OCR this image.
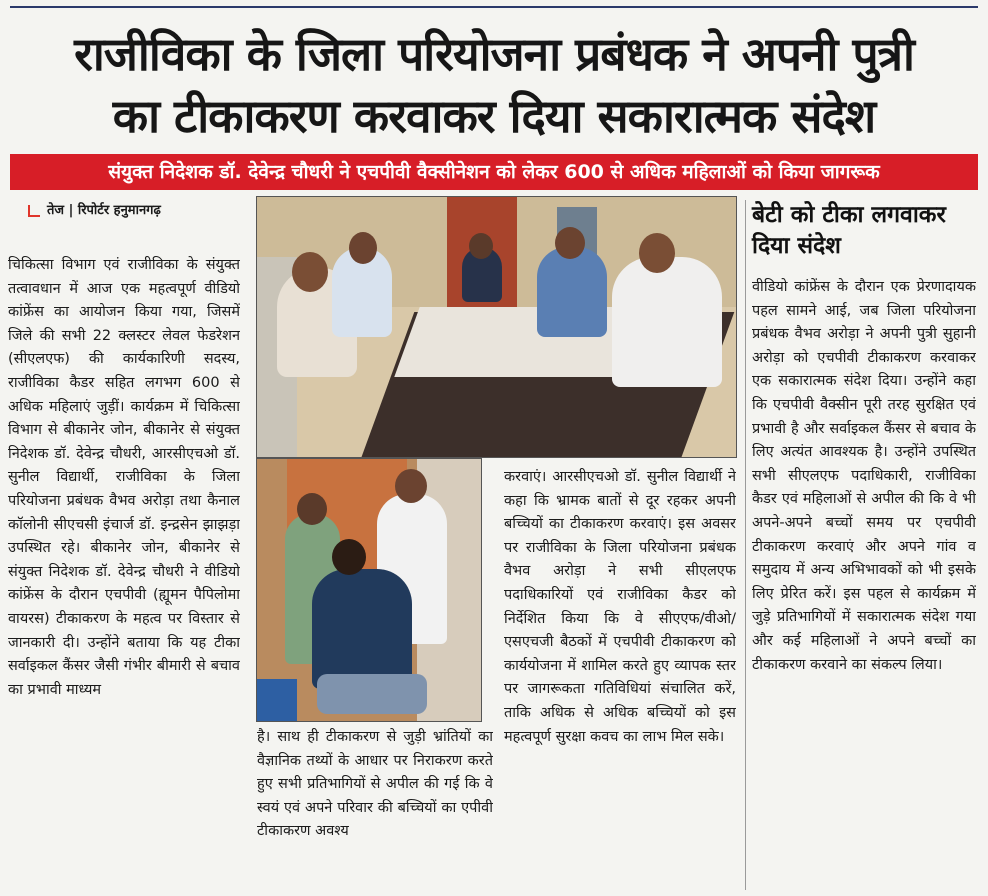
राजीविका के जिला परियोजना प्रबंधक ने अपनी पुत्री
का टीकाकरण करवाकर दिया सकारात्मक संदेश
संयुक्त निदेशक डॉ. देवेन्द्र चौधरी ने एचपीवी वैक्सीनेशन को लेकर 600 से अधिक महिलाओं को किया जागरूक
तेज | रिपोर्टर हनुमानगढ़
चिकित्सा विभाग एवं राजीविका के संयुक्त तत्वावधान में आज एक महत्वपूर्ण वीडियो कांफ्रेंस का आयोजन किया गया, जिसमें जिले की सभी 22 क्लस्टर लेवल फेडरेशन (सीएलएफ) की कार्यकारिणी सदस्य, राजीविका कैडर सहित लगभग 600 से अधिक महिलाएं जुड़ीं। कार्यक्रम में चिकित्सा विभाग से बीकानेर जोन, बीकानेर से संयुक्त निदेशक डॉ. देवेन्द्र चौधरी, आरसीएचओ डॉ. सुनील विद्यार्थी, राजीविका के जिला परियोजना प्रबंधक वैभव अरोड़ा तथा कैनाल कॉलोनी सीएचसी इंचार्ज डॉ. इन्द्रसेन झाझड़ा उपस्थित रहे। बीकानेर जोन, बीकानेर से संयुक्त निदेशक डॉ. देवेन्द्र चौधरी ने वीडियो कांफ्रेंस के दौरान एचपीवी (ह्यूमन पैपिलोमा वायरस) टीकाकरण के महत्व पर विस्तार से जानकारी दी। उन्होंने बताया कि यह टीका सर्वाइकल कैंसर जैसी गंभीर बीमारी से बचाव का प्रभावी माध्यम
है। साथ ही टीकाकरण से जुड़ी भ्रांतियों का वैज्ञानिक तथ्यों के आधार पर निराकरण करते हुए सभी प्रतिभागियों से अपील की गई कि वे स्वयं एवं अपने परिवार की बच्चियों का एपीवी टीकाकरण अवश्य
करवाएं। आरसीएचओ डॉ. सुनील विद्यार्थी ने कहा कि भ्रामक बातों से दूर रहकर अपनी बच्चियों का टीकाकरण करवाएं। इस अवसर पर राजीविका के जिला परियोजना प्रबंधक वैभव अरोड़ा ने सभी सीएलएफ पदाधिकारियों एवं राजीविका कैडर को निर्देशित किया कि वे सीएएफ/वीओ/एसएचजी बैठकों में एचपीवी टीकाकरण को कार्ययोजना में शामिल करते हुए व्यापक स्तर पर जागरूकता गतिविधियां संचालित करें, ताकि अधिक से अधिक बच्चियों को इस महत्वपूर्ण सुरक्षा कवच का लाभ मिल सके।
बेटी को टीका लगवाकर दिया संदेश
वीडियो कांफ्रेंस के दौरान एक प्रेरणादायक पहल सामने आई, जब जिला परियोजना प्रबंधक वैभव अरोड़ा ने अपनी पुत्री सुहानी अरोड़ा को एचपीवी टीकाकरण करवाकर एक सकारात्मक संदेश दिया। उन्होंने कहा कि एचपीवी वैक्सीन पूरी तरह सुरक्षित एवं प्रभावी है और सर्वाइकल कैंसर से बचाव के लिए अत्यंत आवश्यक है। उन्होंने उपस्थित सभी सीएलएफ पदाधिकारी, राजीविका कैडर एवं महिलाओं से अपील की कि वे भी अपने-अपने बच्चों समय पर एचपीवी टीकाकरण करवाएं और अपने गांव व समुदाय में अन्य अभिभावकों को भी इसके लिए प्रेरित करें। इस पहल से कार्यक्रम में जुड़े प्रतिभागियों में सकारात्मक संदेश गया और कई महिलाओं ने अपने बच्चों का टीकाकरण करवाने का संकल्प लिया।
